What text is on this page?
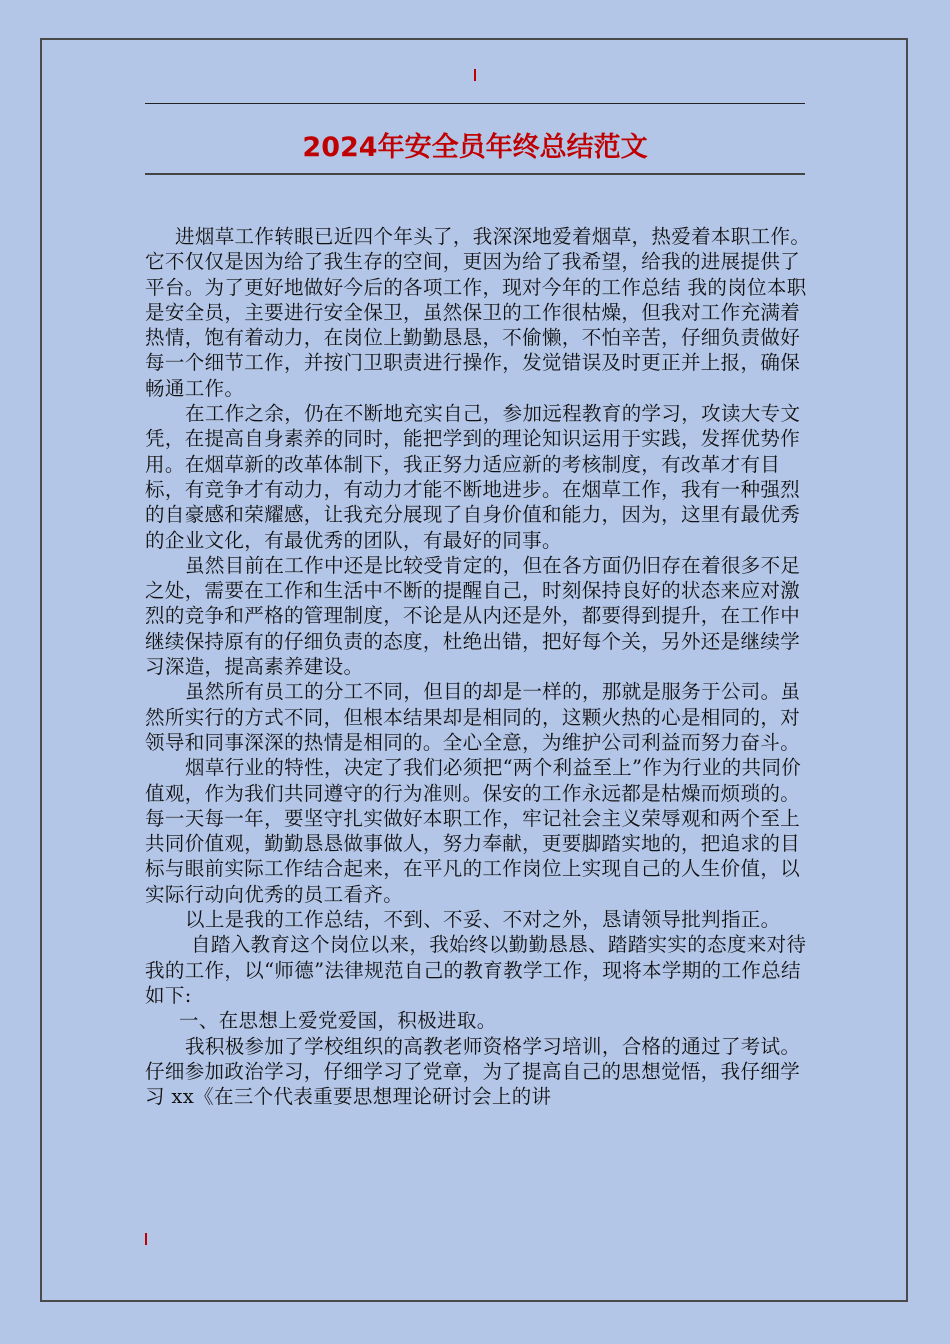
2024年安全员年终总结范文

进烟草工作转眼已近四个年头了，我深深地爱着烟草，热爱着本职工作。它不仅仅是因为给了我生存的空间，更因为给了我希望，给我的进展提供了平台。为了更好地做好今后的各项工作，现对今年的工作总结 我的岗位本职是安全员，主要进行安全保卫，虽然保卫的工作很枯燥，但我对工作充满着热情，饱有着动力，在岗位上勤勤恳恳，不偷懒，不怕辛苦，仔细负责做好每一个细节工作，并按门卫职责进行操作，发觉错误及时更正并上报，确保畅通工作。

在工作之余，仍在不断地充实自己，参加远程教育的学习，攻读大专文凭，在提高自身素养的同时，能把学到的理论知识运用于实践，发挥优势作用。在烟草新的改革体制下，我正努力适应新的考核制度，有改革才有目标，有竞争才有动力，有动力才能不断地进步。在烟草工作，我有一种强烈的自豪感和荣耀感，让我充分展现了自身价值和能力，因为，这里有最优秀的企业文化，有最优秀的团队，有最好的同事。

虽然目前在工作中还是比较受肯定的，但在各方面仍旧存在着很多不足之处，需要在工作和生活中不断的提醒自己，时刻保持良好的状态来应对激烈的竞争和严格的管理制度，不论是从内还是外，都要得到提升，在工作中继续保持原有的仔细负责的态度，杜绝出错，把好每个关，另外还是继续学习深造，提高素养建设。

虽然所有员工的分工不同，但目的却是一样的，那就是服务于公司。虽然所实行的方式不同，但根本结果却是相同的，这颗火热的心是相同的，对领导和同事深深的热情是相同的。全心全意，为维护公司利益而努力奋斗。

烟草行业的特性，决定了我们必须把“两个利益至上”作为行业的共同价值观，作为我们共同遵守的行为准则。保安的工作永远都是枯燥而烦琐的。每一天每一年，要坚守扎实做好本职工作，牢记社会主义荣辱观和两个至上共同价值观，勤勤恳恳做事做人，努力奉献，更要脚踏实地的，把追求的目标与眼前实际工作结合起来，在平凡的工作岗位上实现自己的人生价值，以实际行动向优秀的员工看齐。

以上是我的工作总结，不到、不妥、不对之外，恳请领导批判指正。

自踏入教育这个岗位以来，我始终以勤勤恳恳、踏踏实实的态度来对待我的工作，以“师德”法律规范自己的教育教学工作，现将本学期的工作总结如下:

一、在思想上爱党爱国，积极进取。

我积极参加了学校组织的高教老师资格学习培训，合格的通过了考试。仔细参加政治学习，仔细学习了党章，为了提高自己的思想觉悟，我仔细学习 xx《在三个代表重要思想理论研讨会上的讲
